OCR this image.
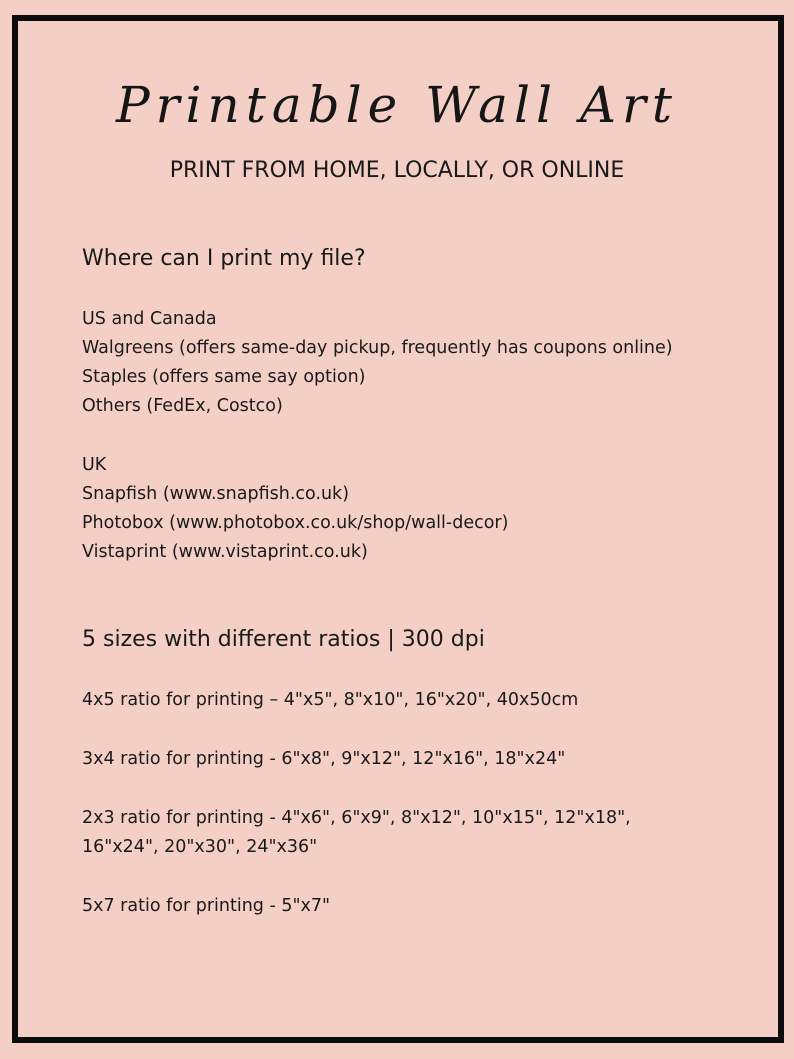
Printable Wall Art
PRINT FROM HOME, LOCALLY, OR ONLINE
Where can I print my file?
US and Canada
Walgreens (offers same-day pickup, frequently has coupons online)
Staples (offers same say option)
Others (FedEx, Costco)
UK
Snapfish (www.snapfish.co.uk)
Photobox (www.photobox.co.uk/shop/wall-decor)
Vistaprint (www.vistaprint.co.uk)
5 sizes with different ratios | 300 dpi
4x5 ratio for printing – 4"x5", 8"x10", 16"x20", 40x50cm
3x4 ratio for printing - 6"x8", 9"x12", 12"x16", 18"x24"
2x3 ratio for printing - 4"x6", 6"x9", 8"x12", 10"x15", 12"x18",
16"x24", 20"x30", 24"x36"
5x7 ratio for printing - 5"x7"
